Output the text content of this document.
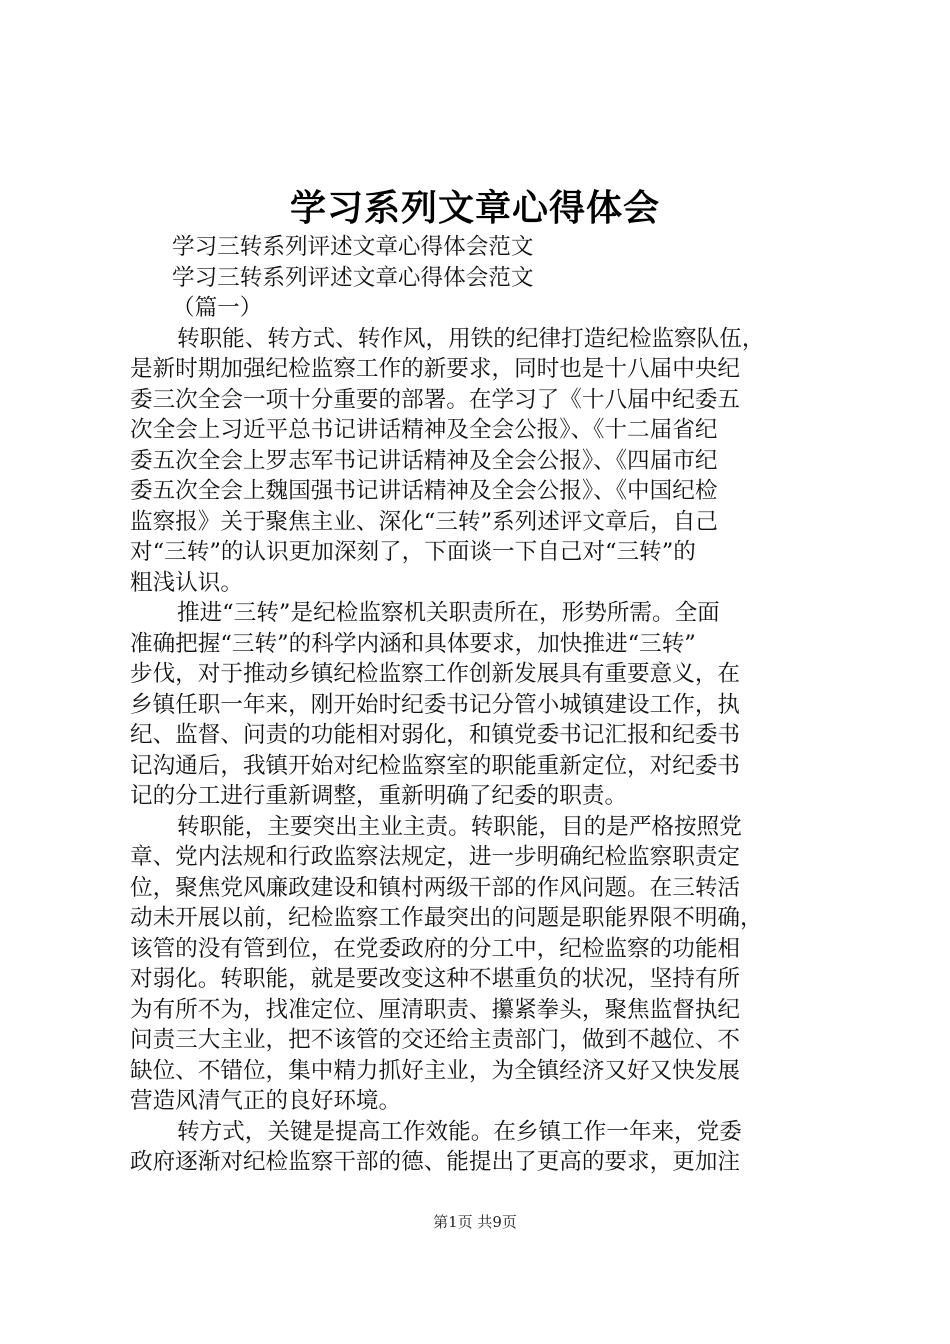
学习系列文章心得体会
学习三转系列评述文章心得体会范文
学习三转系列评述文章心得体会范文
（篇一）
转职能、转方式、转作风，用铁的纪律打造纪检监察队伍，
是新时期加强纪检监察工作的新要求，同时也是十八届中央纪
委三次全会一项十分重要的部署。在学习了《十八届中纪委五
次全会上习近平总书记讲话精神及全会公报》、《十二届省纪
委五次全会上罗志军书记讲话精神及全会公报》、《四届市纪
委五次全会上魏国强书记讲话精神及全会公报》、《中国纪检
监察报》关于聚焦主业、深化“三转”系列述评文章后，自己
对“三转”的认识更加深刻了，下面谈一下自己对“三转”的
粗浅认识。
推进“三转”是纪检监察机关职责所在，形势所需。全面
准确把握“三转”的科学内涵和具体要求，加快推进“三转”
步伐，对于推动乡镇纪检监察工作创新发展具有重要意义，在
乡镇任职一年来，刚开始时纪委书记分管小城镇建设工作，执
纪、监督、问责的功能相对弱化，和镇党委书记汇报和纪委书
记沟通后，我镇开始对纪检监察室的职能重新定位，对纪委书
记的分工进行重新调整，重新明确了纪委的职责。
转职能，主要突出主业主责。转职能，目的是严格按照党
章、党内法规和行政监察法规定，进一步明确纪检监察职责定
位，聚焦党风廉政建设和镇村两级干部的作风问题。在三转活
动未开展以前，纪检监察工作最突出的问题是职能界限不明确，
该管的没有管到位，在党委政府的分工中，纪检监察的功能相
对弱化。转职能，就是要改变这种不堪重负的状况，坚持有所
为有所不为，找准定位、厘清职责、攥紧拳头，聚焦监督执纪
问责三大主业，把不该管的交还给主责部门，做到不越位、不
缺位、不错位，集中精力抓好主业，为全镇经济又好又快发展
营造风清气正的良好环境。
转方式，关键是提高工作效能。在乡镇工作一年来，党委
政府逐渐对纪检监察干部的德、能提出了更高的要求，更加注
第1页 共9页
